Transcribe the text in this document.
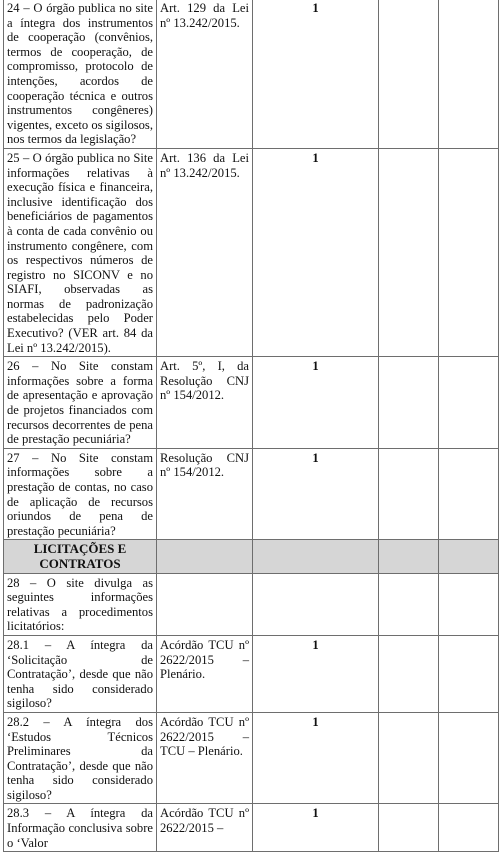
24 – O órgão publica no site a íntegra dos instrumentos de cooperação (convênios, termos de cooperação, de compromisso, protocolo de intenções, acordos de cooperação técnica e outros instrumentos congêneres) vigentes, exceto os sigilosos, nos termos da legislação?	Art. 129 da Lei nº 13.242/2015.	1		
25 – O órgão publica no Site informações relativas à execução física e financeira, inclusive identificação dos beneficiários de pagamentos à conta de cada convênio ou instrumento congênere, com os respectivos números de registro no SICONV e no SIAFI, observadas as normas de padronização estabelecidas pelo Poder Executivo? (VER art. 84 da Lei nº 13.242/2015).	Art. 136 da Lei nº 13.242/2015.	1		
26 – No Site constam informações sobre a forma de apresentação e aprovação de projetos financiados com recursos decorrentes de pena de prestação pecuniária?	Art. 5º, I, da Resolução CNJ nº 154/2012.	1		
27 – No Site constam informações sobre a prestação de contas, no caso de aplicação de recursos oriundos de pena de prestação pecuniária?	Resolução CNJ nº 154/2012.	1		
LICITAÇÕES E CONTRATOS				
28 – O site divulga as seguintes informações relativas a procedimentos licitatórios:				
28.1 – A íntegra da ‘Solicitação de Contratação’, desde que não tenha sido considerado sigiloso?	Acórdão TCU nº 2622/2015 – Plenário.	1		
28.2 – A íntegra dos ‘Estudos Técnicos Preliminares da Contratação’, desde que não tenha sido considerado sigiloso?	Acórdão TCU nº 2622/2015 – TCU – Plenário.	1		
28.3 – A íntegra da Informação conclusiva sobre o ‘Valor	Acórdão TCU nº 2622/2015 –	1		
